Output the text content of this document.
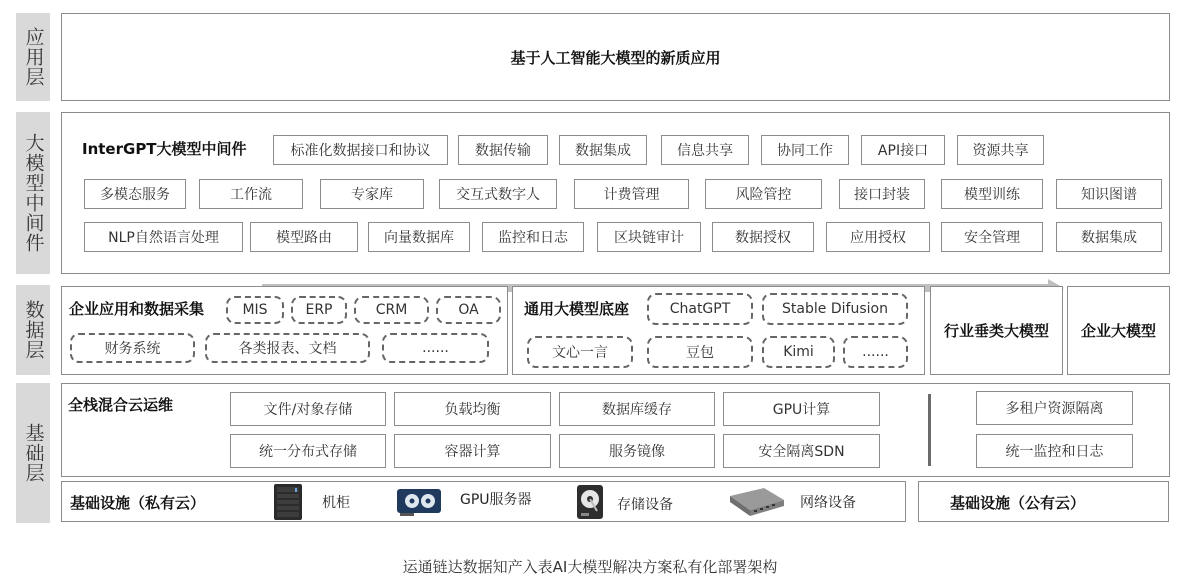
应用层
大模型中间件
数据层
基础层
基于人工智能大模型的新质应用
InterGPT大模型中间件	标准化数据接口和协议	数据传输	数据集成	信息共享	协同工作	API接口	资源共享
多模态服务	工作流	专家库	交互式数字人	计费管理	风险管控	接口封装	模型训练	知识图谱
NLP自然语言处理	模型路由	向量数据库	监控和日志	区块链审计	数据授权	应用授权	安全管理	数据集成
企业应用和数据采集	MIS	ERP	CRM	OA
财务系统	各类报表、文档	......
通用大模型底座	ChatGPT	Stable Difusion
文心一言	豆包	Kimi	......
行业垂类大模型	企业大模型
全栈混合云运维	文件/对象存储	负载均衡	数据库缓存	GPU计算
统一分布式存储	容器计算	服务镜像	安全隔离SDN
多租户资源隔离
统一监控和日志
基础设施（私有云）	机柜	GPU服务器	存储设备	网络设备	基础设施（公有云）
运通链达数据知产入表AI大模型解决方案私有化部署架构
